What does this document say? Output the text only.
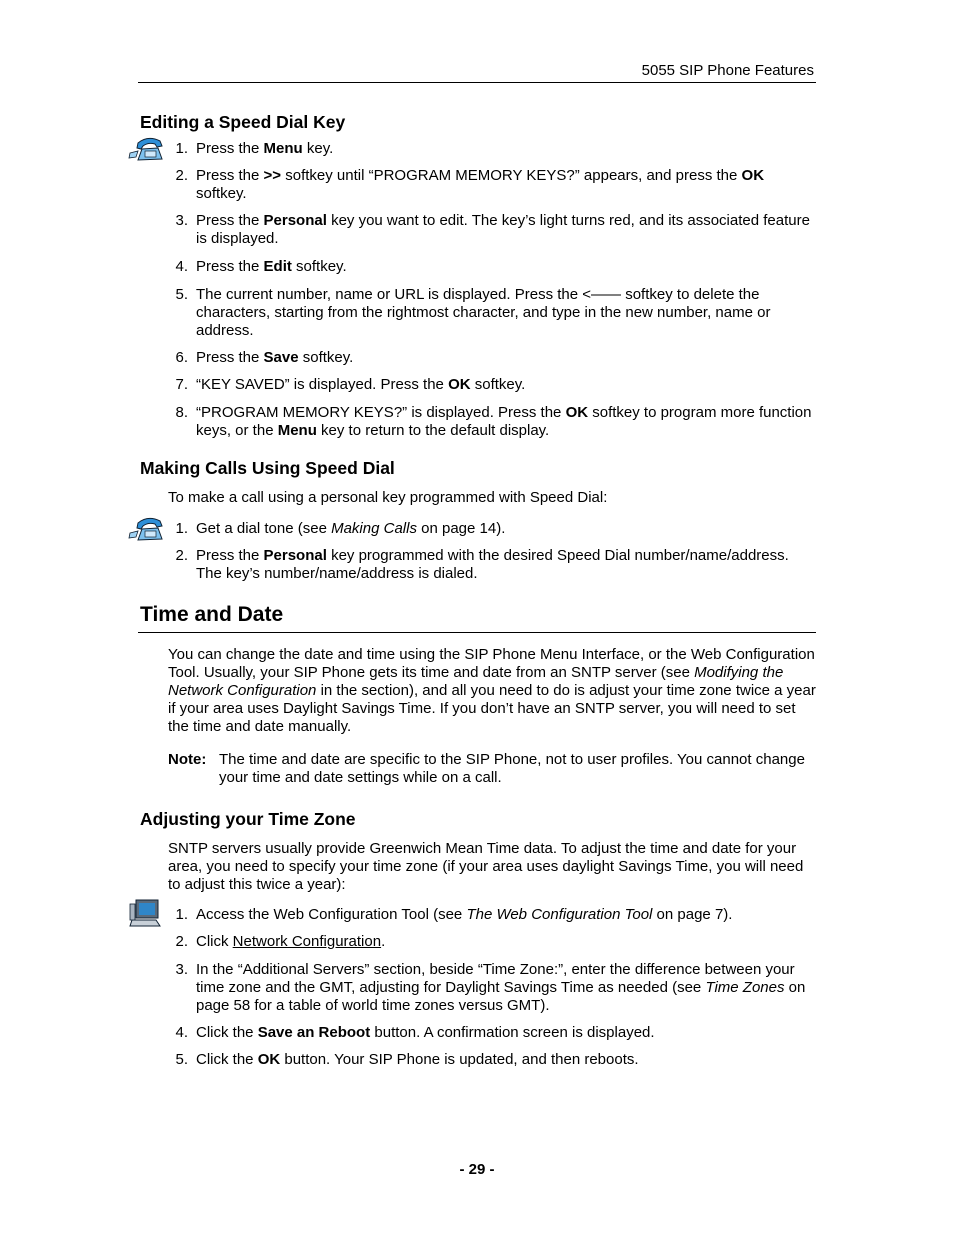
5055 SIP Phone Features
Editing a Speed Dial Key
1. Press the Menu key.
2. Press the >> softkey until “PROGRAM MEMORY KEYS?” appears, and press the OK softkey.
3. Press the Personal key you want to edit. The key’s light turns red, and its associated feature is displayed.
4. Press the Edit softkey.
5. The current number, name or URL is displayed. Press the <—— softkey to delete the characters, starting from the rightmost character, and type in the new number, name or address.
6. Press the Save softkey.
7. “KEY SAVED” is displayed. Press the OK softkey.
8. “PROGRAM MEMORY KEYS?” is displayed. Press the OK softkey to program more function keys, or the Menu key to return to the default display.
Making Calls Using Speed Dial
To make a call using a personal key programmed with Speed Dial:
1. Get a dial tone (see Making Calls on page 14).
2. Press the Personal key programmed with the desired Speed Dial number/name/address. The key’s number/name/address is dialed.
Time and Date
You can change the date and time using the SIP Phone Menu Interface, or the Web Configuration Tool. Usually, your SIP Phone gets its time and date from an SNTP server (see Modifying the Network Configuration in the section), and all you need to do is adjust your time zone twice a year if your area uses Daylight Savings Time. If you don’t have an SNTP server, you will need to set the time and date manually.
Note: The time and date are specific to the SIP Phone, not to user profiles. You cannot change your time and date settings while on a call.
Adjusting your Time Zone
SNTP servers usually provide Greenwich Mean Time data. To adjust the time and date for your area, you need to specify your time zone (if your area uses daylight Savings Time, you will need to adjust this twice a year):
1. Access the Web Configuration Tool (see The Web Configuration Tool on page 7).
2. Click Network Configuration.
3. In the “Additional Servers” section, beside “Time Zone:”, enter the difference between your time zone and the GMT, adjusting for Daylight Savings Time as needed (see Time Zones on page 58 for a table of world time zones versus GMT).
4. Click the Save an Reboot button. A confirmation screen is displayed.
5. Click the OK button. Your SIP Phone is updated, and then reboots.
- 29 -
